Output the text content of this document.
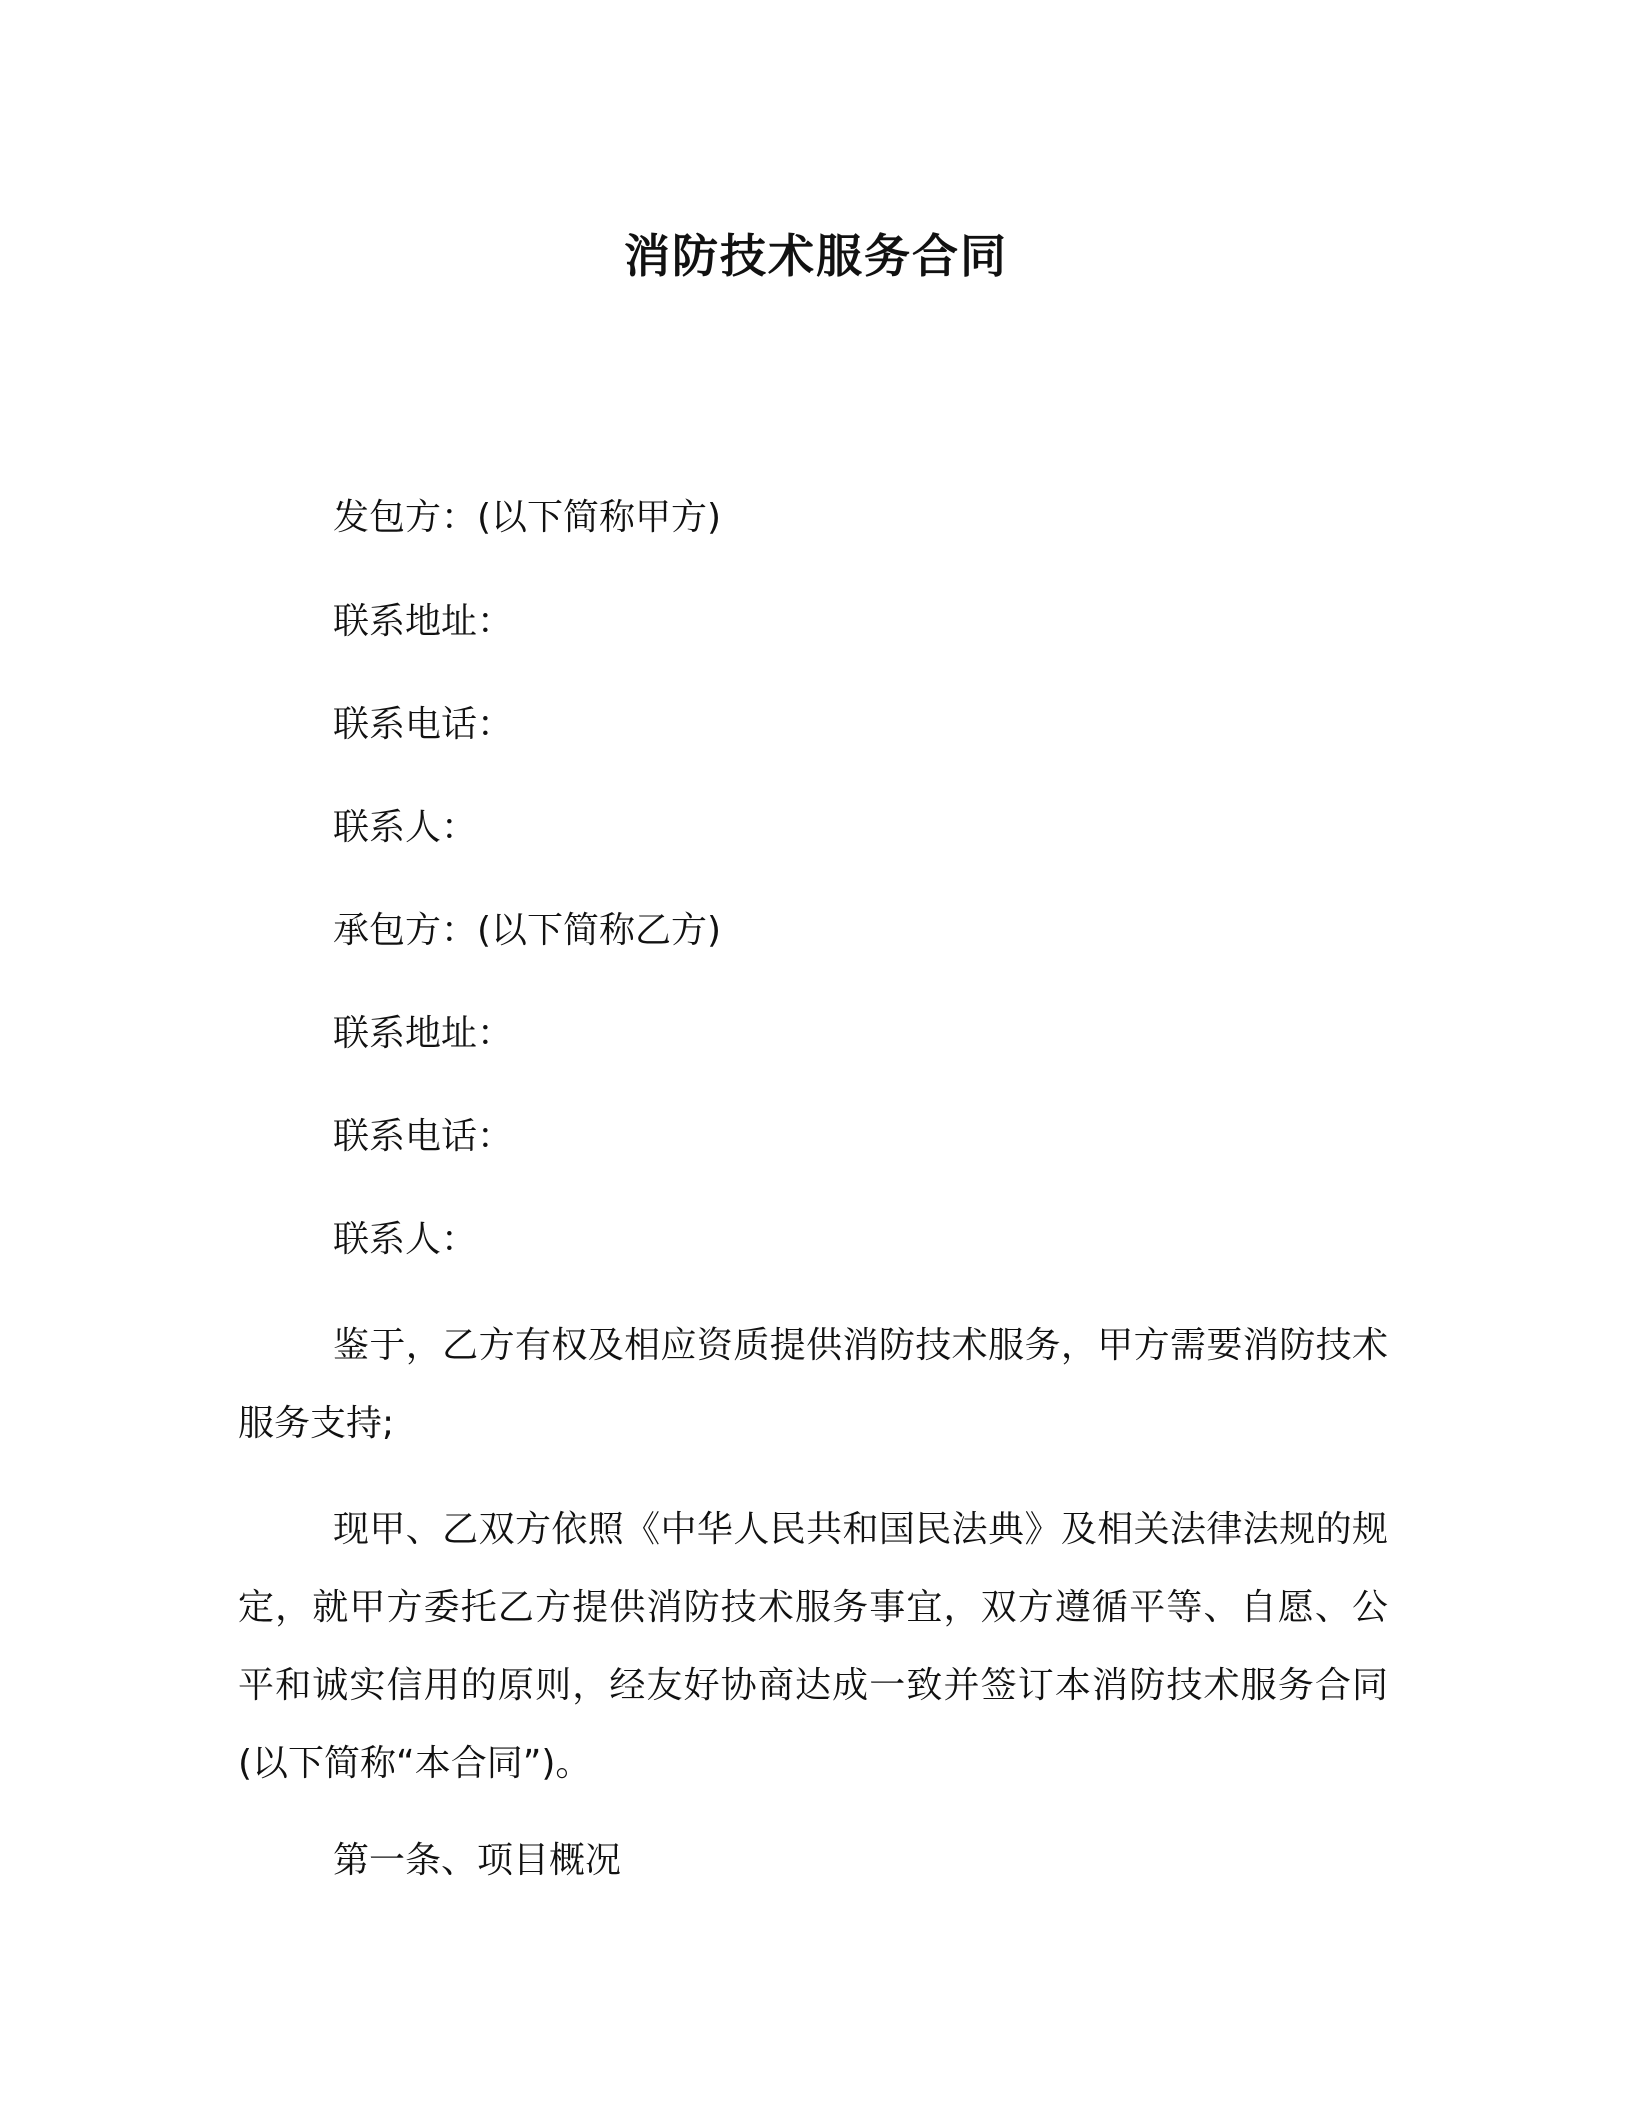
消防技术服务合同

发包方：(以下简称甲方)

联系地址：

联系电话：

联系人：

承包方：(以下简称乙方)

联系地址：

联系电话：

联系人：

鉴于，乙方有权及相应资质提供消防技术服务，甲方需要消防技术服务支持;

现甲、乙双方依照《中华人民共和国民法典》及相关法律法规的规定，就甲方委托乙方提供消防技术服务事宜，双方遵循平等、自愿、公平和诚实信用的原则，经友好协商达成一致并签订本消防技术服务合同(以下简称“本合同”)。

第一条、项目概况
